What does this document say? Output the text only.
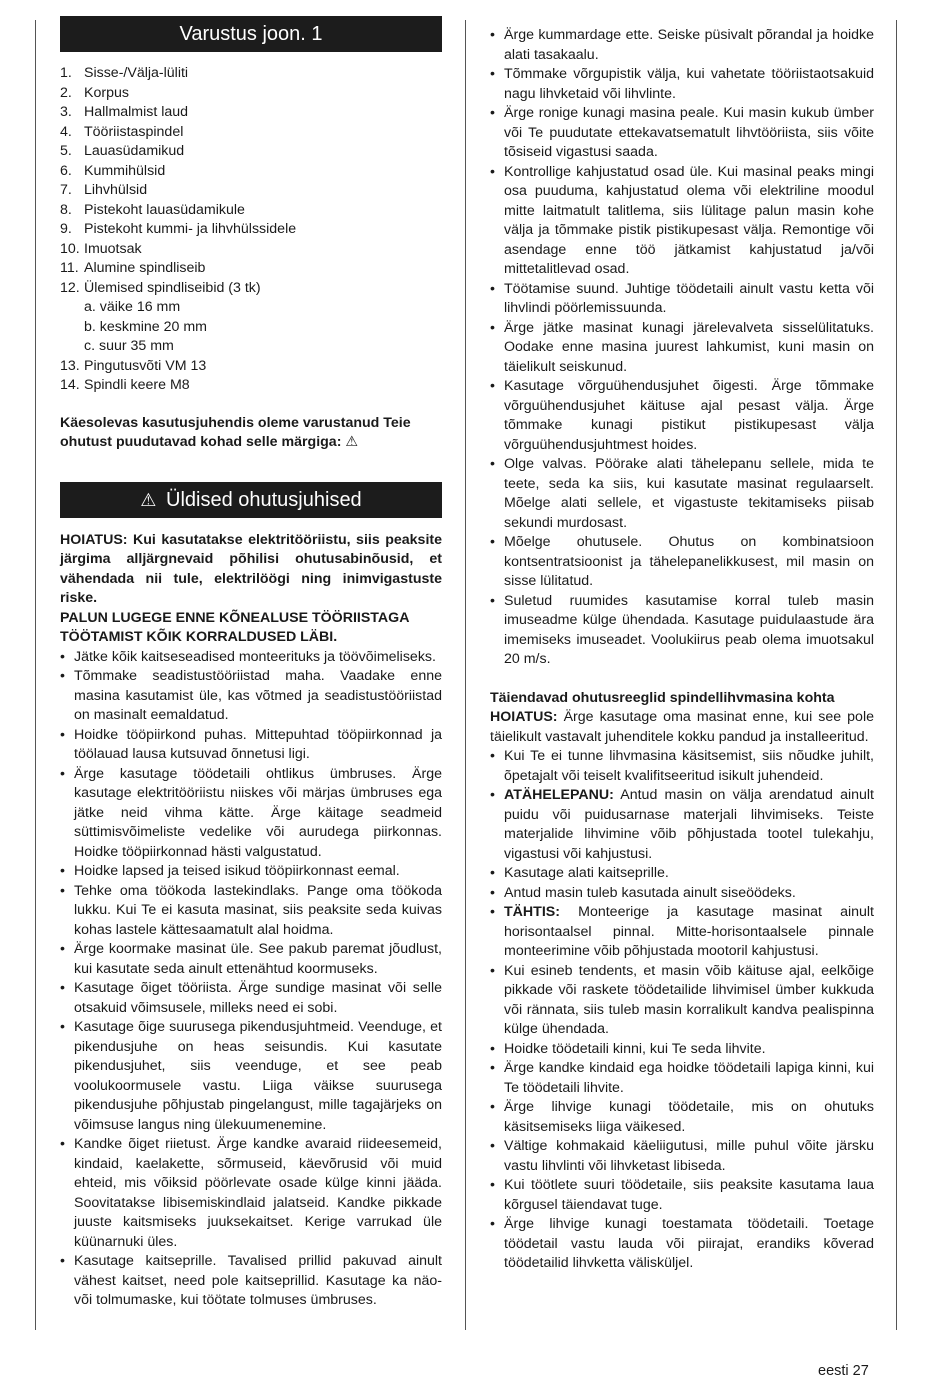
Varustus joon. 1
1. Sisse-/Välja-lüliti
2. Korpus
3. Hallmalmist laud
4. Tööriistaspindel
5. Lauasüdamikud
6. Kummihülsid
7. Lihvhülsid
8. Pistekoht lauasüdamikule
9. Pistekoht kummi- ja lihvhülssidele
10. Imuotsak
11. Alumine spindliseib
12. Ülemised spindliseibid (3 tk)
a. väike 16 mm
b. keskmine 20 mm
c. suur 35 mm
13. Pingutusvõti VM 13
14. Spindli keere M8

Käesolevas kasutusjuhendis oleme varustanud Teie ohutust puudutavad kohad selle märgiga: ⚠

⚠ Üldised ohutusjuhised

HOIATUS: Kui kasutatakse elektritööriistu, siis peaksite järgima alljärgnevaid põhilisi ohutusabinõusid, et vähendada nii tule, elektrilöögi ning inimvigastuste riske.

PALUN LUGEGE ENNE KÕNEALUSE TÖÖRIISTAGA TÖÖTAMIST KÕIK KORRALDUSED LÄBI.

• Jätke kõik kaitseseadised monteerituks ja töövõimeliseks.
• Tõmmake seadistustööriistad maha. Vaadake enne masina kasutamist üle, kas võtmed ja seadistustööriistad on masinalt eemaldatud.
• Hoidke tööpiirkond puhas. Mittepuhtad tööpiirkonnad ja töölauad lausa kutsuvad õnnetusi ligi.
• Ärge kasutage töödetaili ohtlikus ümbruses. Ärge kasutage elektritööriistu niiskes või märjas ümbruses ega jätke neid vihma kätte. Ärge käitage seadmeid süttimisvõimeliste vedelike või aurudega piirkonnas. Hoidke tööpiirkonnad hästi valgustatud.
• Hoidke lapsed ja teised isikud tööpiirkonnast eemal.
• Tehke oma töökoda lastekindlaks. Pange oma töökoda lukku. Kui Te ei kasuta masinat, siis peaksite seda kuivas kohas lastele kättesaamatult alal hoidma.
• Ärge koormake masinat üle. See pakub paremat jõudlust, kui kasutate seda ainult ettenähtud koormuseks.
• Kasutage õiget tööriista. Ärge sundige masinat või selle otsakuid võimsusele, milleks need ei sobi.
• Kasutage õige suurusega pikendusjuhtmeid. Veenduge, et pikendusjuhe on heas seisundis. Kui kasutate pikendusjuhet, siis veenduge, et see peab voolukoormusele vastu. Liiga väikse suurusega pikendusjuhe põhjustab pingelangust, mille tagajärjeks on võimsuse langus ning ülekuumenemine.
• Kandke õiget riietust. Ärge kandke avaraid riideesemeid, kindaid, kaelakette, sõrmuseid, käevõrusid või muid ehteid, mis võiksid pöörlevate osade külge kinni jääda. Soovitatakse libisemiskindlaid jalatseid. Kandke pikkade juuste kaitsmiseks juuksekaitset. Kerige varrukad üle küünarnuki üles.
• Kasutage kaitseprille. Tavalised prillid pakuvad ainult vähest kaitset, need pole kaitseprillid. Kasutage ka näo- või tolmumaske, kui töötate tolmuses ümbruses.
• Ärge kummardage ette. Seiske püsivalt põrandal ja hoidke alati tasakaalu.
• Tõmmake võrgupistik välja, kui vahetate tööriistaotsakuid nagu lihvketaid või lihvlinte.
• Ärge ronige kunagi masina peale. Kui masin kukub ümber või Te puudutate ettekavatsematult lihvtööriista, siis võite tõsiseid vigastusi saada.
• Kontrollige kahjustatud osad üle. Kui masinal peaks mingi osa puuduma, kahjustatud olema või elektriline moodul mitte laitmatult talitlema, siis lülitage palun masin kohe välja ja tõmmake pistik pistikupesast välja. Remontige või asendage enne töö jätkamist kahjustatud ja/või mittetalitlevad osad.
• Töötamise suund. Juhtige töödetaili ainult vastu ketta või lihvlindi pöörlemissuunda.
• Ärge jätke masinat kunagi järelevalveta sisselülitatuks. Oodake enne masina juurest lahkumist, kuni masin on täielikult seiskunud.
• Kasutage võrguühendusjuhet õigesti. Ärge tõmmake võrguühendusjuhet käituse ajal pesast välja. Ärge tõmmake kunagi pistikut pistikupesast välja võrguühendusjuhtmest hoides.
• Olge valvas. Pöörake alati tähelepanu sellele, mida te teete, seda ka siis, kui kasutate masinat regulaarselt. Mõelge alati sellele, et vigastuste tekitamiseks piisab sekundi murdosast.
• Mõelge ohutusele. Ohutus on kombinatsioon kontsentratsioonist ja tähelepanelikkusest, mil masin on sisse lülitatud.
• Suletud ruumides kasutamise korral tuleb masin imuseadme külge ühendada. Kasutage puidulaastude ära imemiseks imuseadet. Voolukiirus peab olema imuotsakul 20 m/s.

Täiendavad ohutusreeglid spindellihvmasina kohta

HOIATUS: Ärge kasutage oma masinat enne, kui see pole täielikult vastavalt juhenditele kokku pandud ja installeeritud.

• Kui Te ei tunne lihvmasina käsitsemist, siis nõudke juhilt, õpetajalt või teiselt kvalifitseeritud isikult juhendeid.
• ATÄHELEPANU: Antud masin on välja arendatud ainult puidu või puidusarnase materjali lihvimiseks. Teiste materjalide lihvimine võib põhjustada tootel tulekahju, vigastusi või kahjustusi.
• Kasutage alati kaitseprille.
• Antud masin tuleb kasutada ainult siseöödeks.
• TÄHTIS: Monteerige ja kasutage masinat ainult horisontaalsel pinnal. Mitte-horisontaalsele pinnale monteerimine võib põhjustada mootoril kahjustusi.
• Kui esineb tendents, et masin võib käituse ajal, eelkõige pikkade või raskete töödetailide lihvimisel ümber kukkuda või rännata, siis tuleb masin korralikult kandva pealispinna külge ühendada.
• Hoidke töödetaili kinni, kui Te seda lihvite.
• Ärge kandke kindaid ega hoidke töödetaili lapiga kinni, kui Te töödetaili lihvite.
• Ärge lihvige kunagi töödetaile, mis on ohutuks käsitsemiseks liiga väikesed.
• Vältige kohmakaid käeliigutusi, mille puhul võite järsku vastu lihvlinti või lihvketast libiseda.
• Kui töötlete suuri töödetaile, siis peaksite kasutama laua kõrgusel täiendavat tuge.
• Ärge lihvige kunagi toestamata töödetaili. Toetage töödetail vastu lauda või piirajat, erandiks kõverad töödetailid lihvketta välisküljel.
eesti 27
